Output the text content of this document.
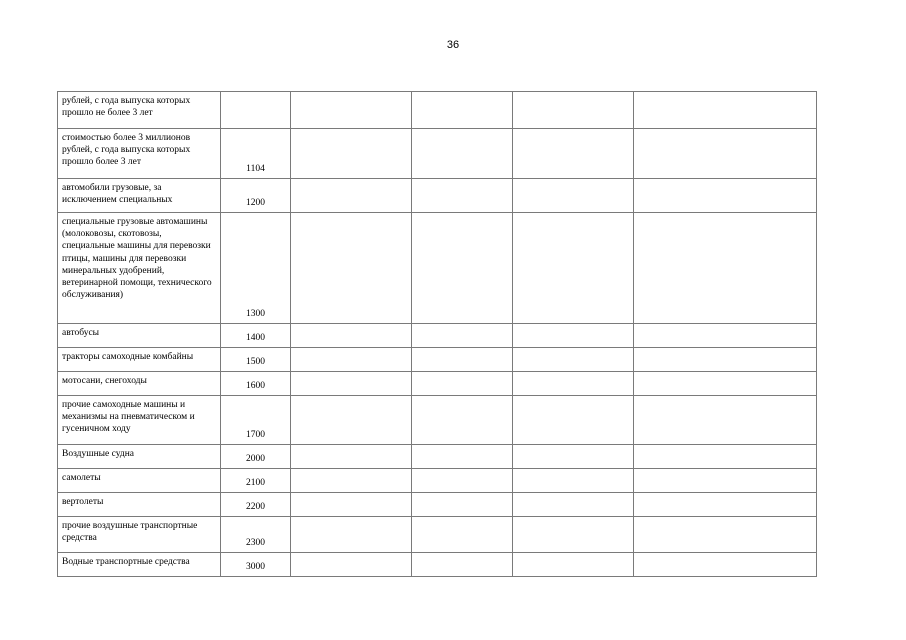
36
рублей, с года выпуска которых прошло не более 3 лет					
стоимостью более 3 миллионов рублей, с года выпуска которых прошло более 3 лет	1104				
автомобили грузовые, за исключением специальных	1200				
специальные грузовые автомашины (молоковозы, скотовозы, специальные машины для перевозки птицы, машины для перевозки минеральных удобрений, ветеринарной помощи, технического обслуживания)	1300				
автобусы	1400				
тракторы самоходные комбайны	1500				
мотосани, снегоходы	1600				
прочие самоходные машины и механизмы на пневматическом и гусеничном ходу	1700				
Воздушные судна	2000				
самолеты	2100				
вертолеты	2200				
прочие воздушные транспортные средства	2300				
Водные транспортные средства	3000				
